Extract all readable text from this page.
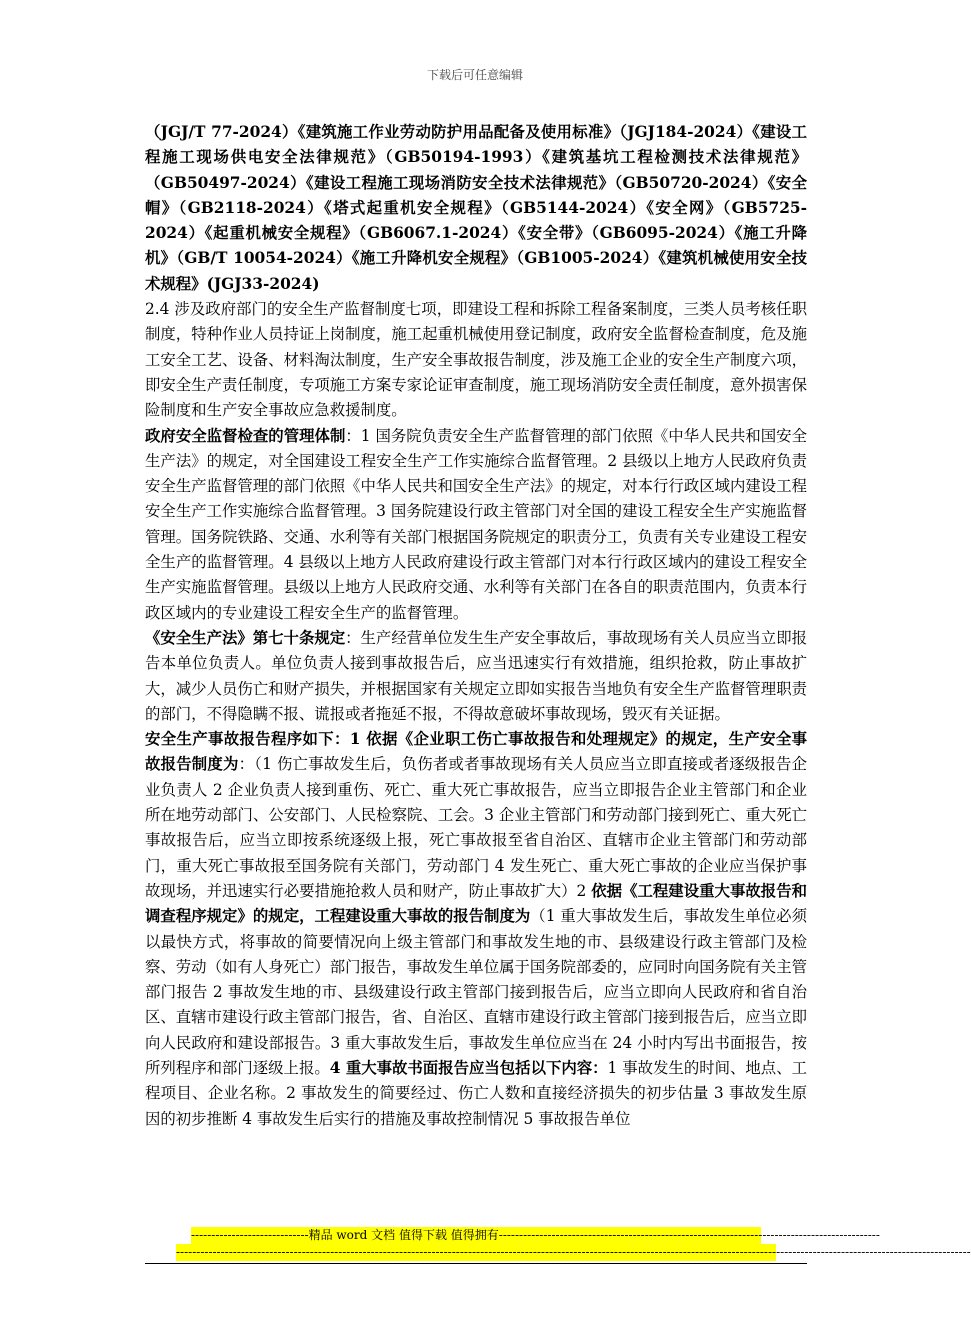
下载后可任意编辑

（JGJ/T 77-2024）《建筑施工作业劳动防护用品配备及使用标准》（JGJ184-2024）《建设工程施工现场供电安全法律规范》（GB50194-1993）《建筑基坑工程检测技术法律规范》（GB50497-2024）《建设工程施工现场消防安全技术法律规范》（GB50720-2024）《安全帽》（GB2118-2024）《塔式起重机安全规程》（GB5144-2024）《安全网》（GB5725-2024）《起重机械安全规程》（GB6067.1-2024）《安全带》（GB6095-2024）《施工升降机》（GB/T 10054-2024）《施工升降机安全规程》（GB1005-2024）《建筑机械使用安全技术规程》(JGJ33-2024)

2.4 涉及政府部门的安全生产监督制度七项，即建设工程和拆除工程备案制度，三类人员考核任职制度，特种作业人员持证上岗制度，施工起重机械使用登记制度，政府安全监督检查制度，危及施工安全工艺、设备、材料淘汰制度，生产安全事故报告制度，涉及施工企业的安全生产制度六项，即安全生产责任制度，专项施工方案专家论证审查制度，施工现场消防安全责任制度，意外损害保险制度和生产安全事故应急救援制度。

政府安全监督检查的管理体制：1 国务院负责安全生产监督管理的部门依照《中华人民共和国安全生产法》的规定，对全国建设工程安全生产工作实施综合监督管理。2 县级以上地方人民政府负责安全生产监督管理的部门依照《中华人民共和国安全生产法》的规定，对本行行政区域内建设工程安全生产工作实施综合监督管理。3 国务院建设行政主管部门对全国的建设工程安全生产实施监督管理。国务院铁路、交通、水利等有关部门根据国务院规定的职责分工，负责有关专业建设工程安全生产的监督管理。4 县级以上地方人民政府建设行政主管部门对本行行政区域内的建设工程安全生产实施监督管理。县级以上地方人民政府交通、水利等有关部门在各自的职责范围内，负责本行政区域内的专业建设工程安全生产的监督管理。

《安全生产法》第七十条规定：生产经营单位发生生产安全事故后，事故现场有关人员应当立即报告本单位负责人。单位负责人接到事故报告后，应当迅速实行有效措施，组织抢救，防止事故扩大，减少人员伤亡和财产损失，并根据国家有关规定立即如实报告当地负有安全生产监督管理职责的部门，不得隐瞒不报、谎报或者拖延不报，不得故意破坏事故现场，毁灭有关证据。

安全生产事故报告程序如下：1 依据《企业职工伤亡事故报告和处理规定》的规定，生产安全事故报告制度为：（1 伤亡事故发生后，负伤者或者事故现场有关人员应当立即直接或者逐级报告企业负责人 2 企业负责人接到重伤、死亡、重大死亡事故报告，应当立即报告企业主管部门和企业所在地劳动部门、公安部门、人民检察院、工会。3 企业主管部门和劳动部门接到死亡、重大死亡事故报告后，应当立即按系统逐级上报，死亡事故报至省自治区、直辖市企业主管部门和劳动部门，重大死亡事故报至国务院有关部门，劳动部门 4 发生死亡、重大死亡事故的企业应当保护事故现场，并迅速实行必要措施抢救人员和财产，防止事故扩大）2 依据《工程建设重大事故报告和调查程序规定》的规定，工程建设重大事故的报告制度为（1 重大事故发生后，事故发生单位必须以最快方式，将事故的简要情况向上级主管部门和事故发生地的市、县级建设行政主管部门及检察、劳动（如有人身死亡）部门报告，事故发生单位属于国务院部委的，应同时向国务院有关主管部门报告 2 事故发生地的市、县级建设行政主管部门接到报告后，应当立即向人民政府和省自治区、直辖市建设行政主管部门报告，省、自治区、直辖市建设行政主管部门接到报告后，应当立即向人民政府和建设部报告。3 重大事故发生后，事故发生单位应当在 24 小时内写出书面报告，按所列程序和部门逐级上报。4 重大事故书面报告应当包括以下内容：1 事故发生的时间、地点、工程项目、企业名称。2 事故发生的简要经过、伤亡人数和直接经济损失的初步估量 3 事故发生原因的初步推断 4 事故发生后实行的措施及事故控制情况 5 事故报告单位

-----------------------------精品 word 文档 值得下载 值得拥有----------------------------------------------------------------------------------------------
----------------------------------------------------------------------------------------------------------------------------------------------------------------------------------------------------
